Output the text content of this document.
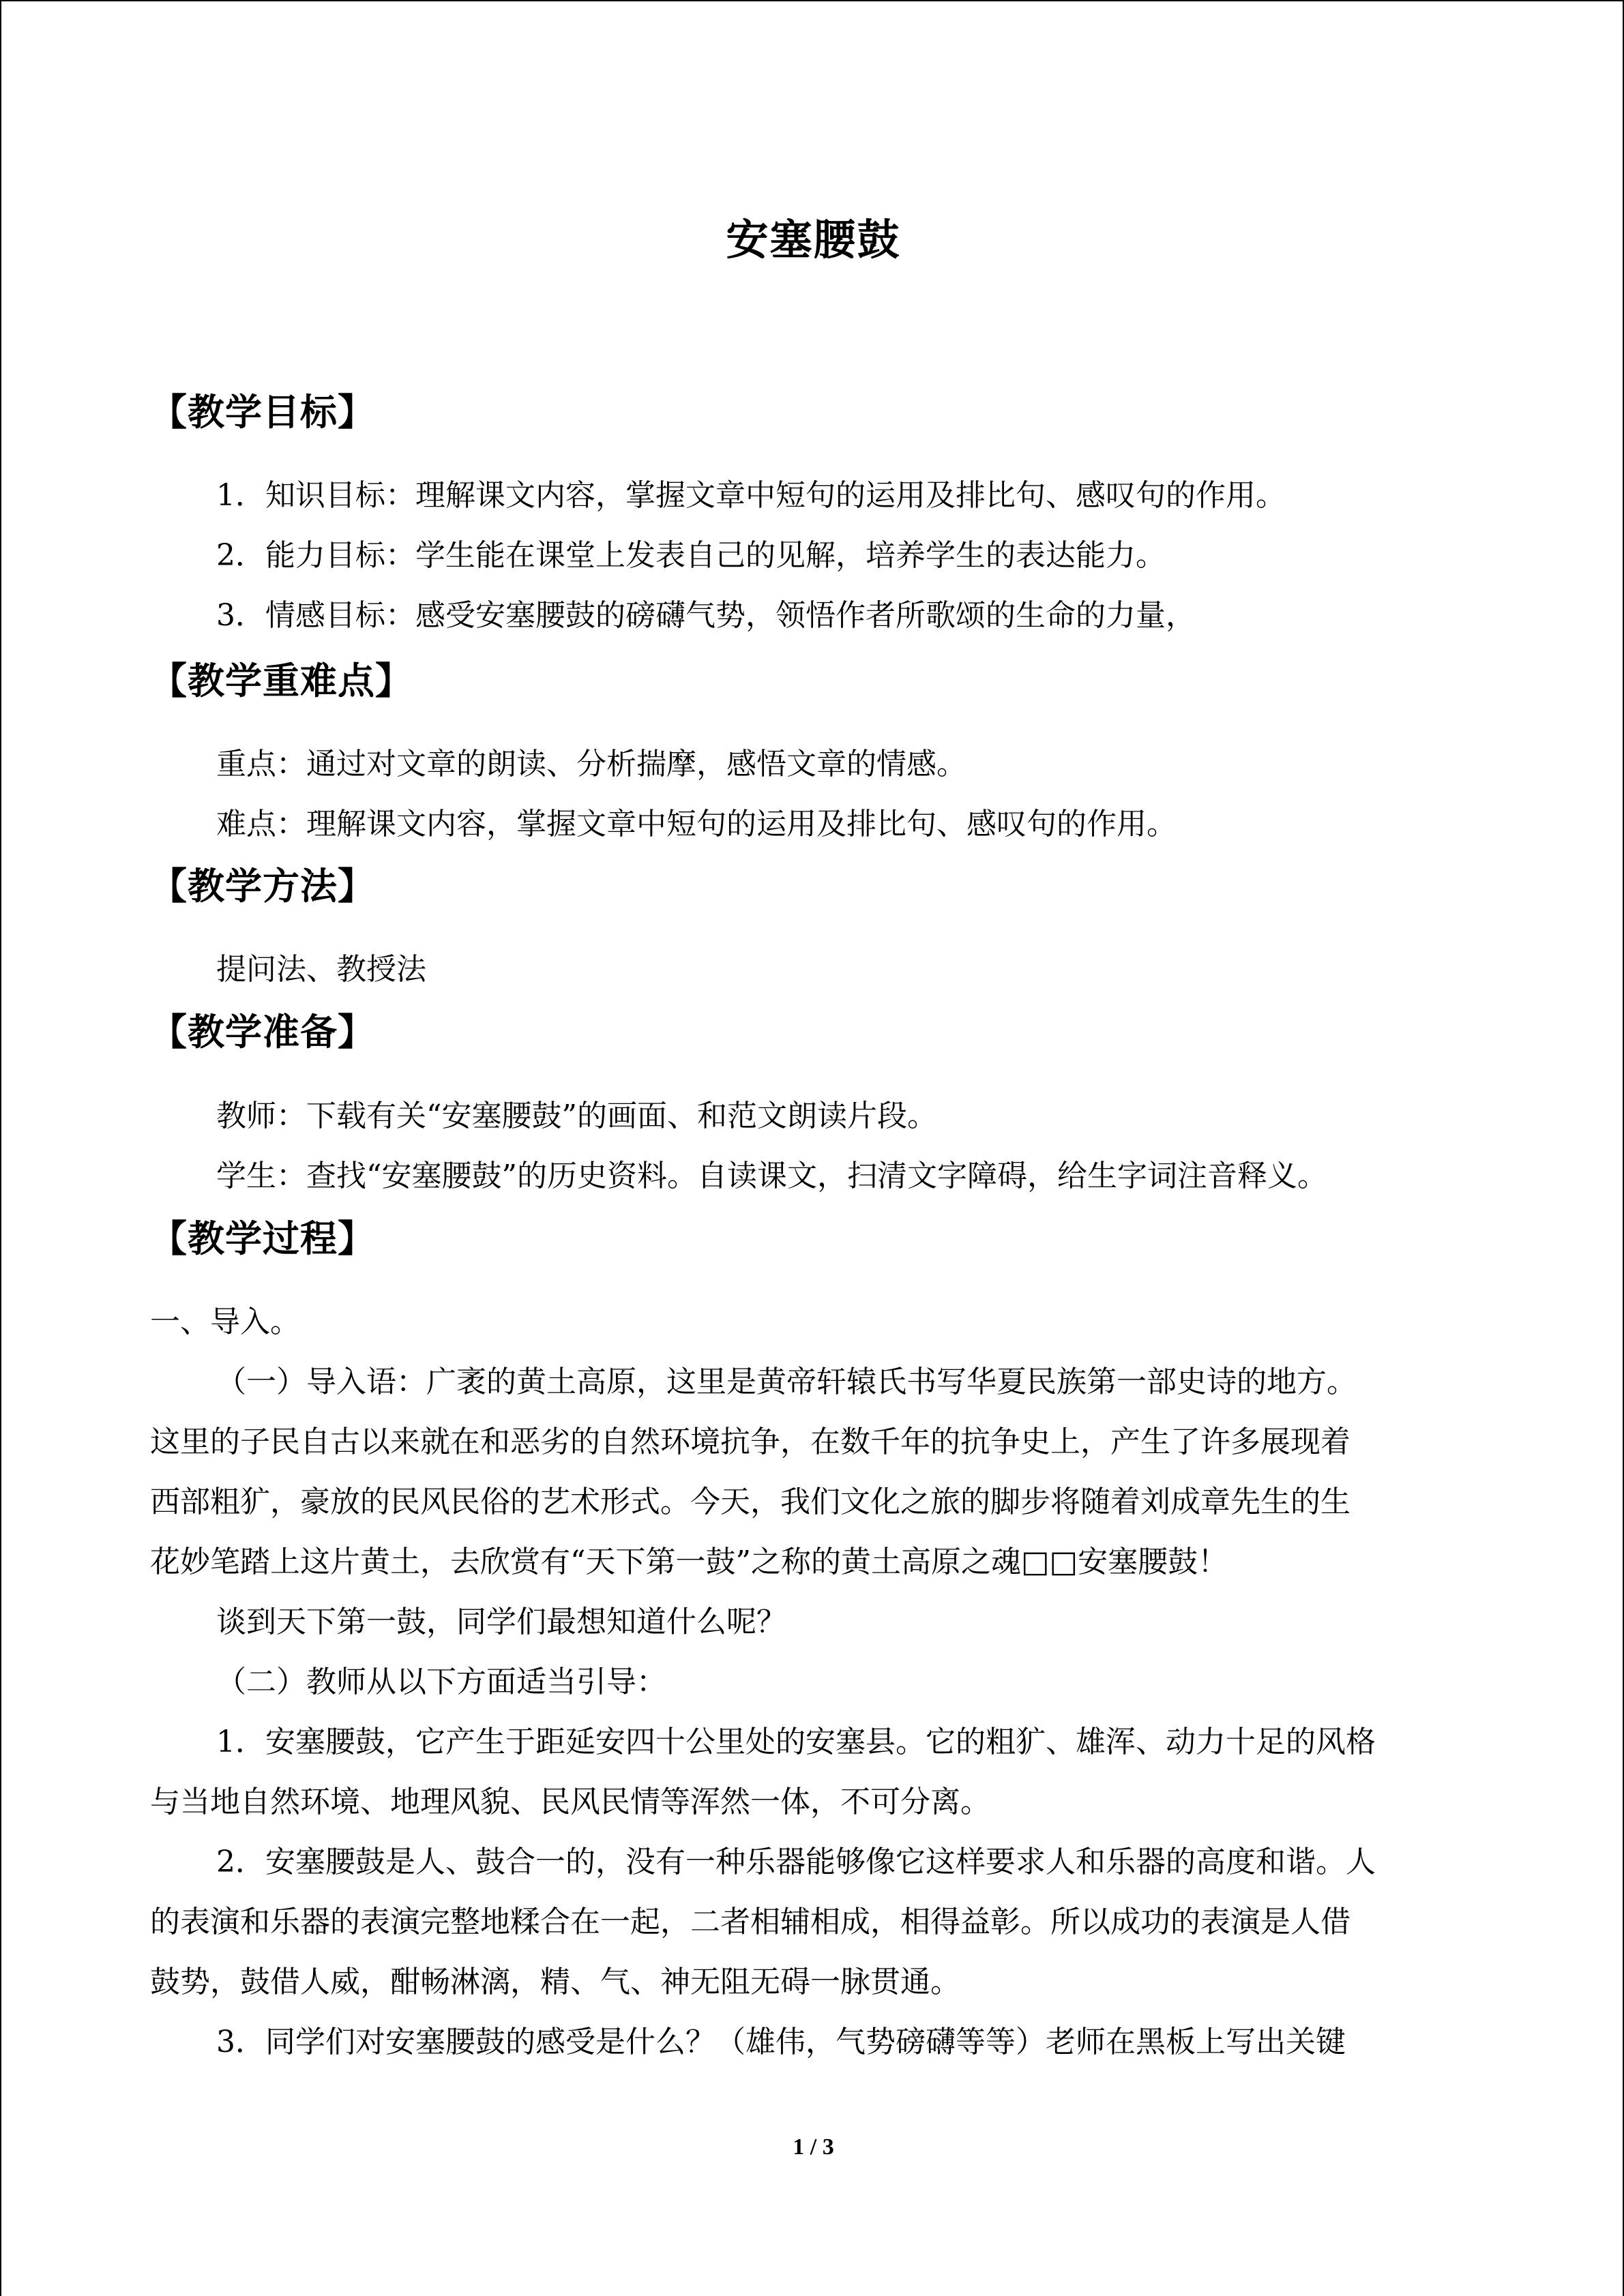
安塞腰鼓
【教学目标】
1．知识目标：理解课文内容，掌握文章中短句的运用及排比句、感叹句的作用。
2．能力目标：学生能在课堂上发表自己的见解，培养学生的表达能力。
3．情感目标：感受安塞腰鼓的磅礴气势，领悟作者所歌颂的生命的力量，
【教学重难点】
重点：通过对文章的朗读、分析揣摩，感悟文章的情感。
难点：理解课文内容，掌握文章中短句的运用及排比句、感叹句的作用。
【教学方法】
提问法、教授法
【教学准备】
教师：下载有关“安塞腰鼓”的画面、和范文朗读片段。
学生：查找“安塞腰鼓”的历史资料。自读课文，扫清文字障碍，给生字词注音释义。
【教学过程】
一、导入。
（一）导入语：广袤的黄土高原，这里是黄帝轩辕氏书写华夏民族第一部史诗的地方。
这里的子民自古以来就在和恶劣的自然环境抗争，在数千年的抗争史上，产生了许多展现着
西部粗犷，豪放的民风民俗的艺术形式。今天，我们文化之旅的脚步将随着刘成章先生的生
花妙笔踏上这片黄土，去欣赏有“天下第一鼓”之称的黄土高原之魂□□安塞腰鼓！
谈到天下第一鼓，同学们最想知道什么呢？
（二）教师从以下方面适当引导：
1．安塞腰鼓，它产生于距延安四十公里处的安塞县。它的粗犷、雄浑、动力十足的风格
与当地自然环境、地理风貌、民风民情等浑然一体，不可分离。
2．安塞腰鼓是人、鼓合一的，没有一种乐器能够像它这样要求人和乐器的高度和谐。人
的表演和乐器的表演完整地糅合在一起，二者相辅相成，相得益彰。所以成功的表演是人借
鼓势，鼓借人威，酣畅淋漓，精、气、神无阻无碍一脉贯通。
3．同学们对安塞腰鼓的感受是什么？（雄伟，气势磅礴等等）老师在黑板上写出关键
1 / 3
